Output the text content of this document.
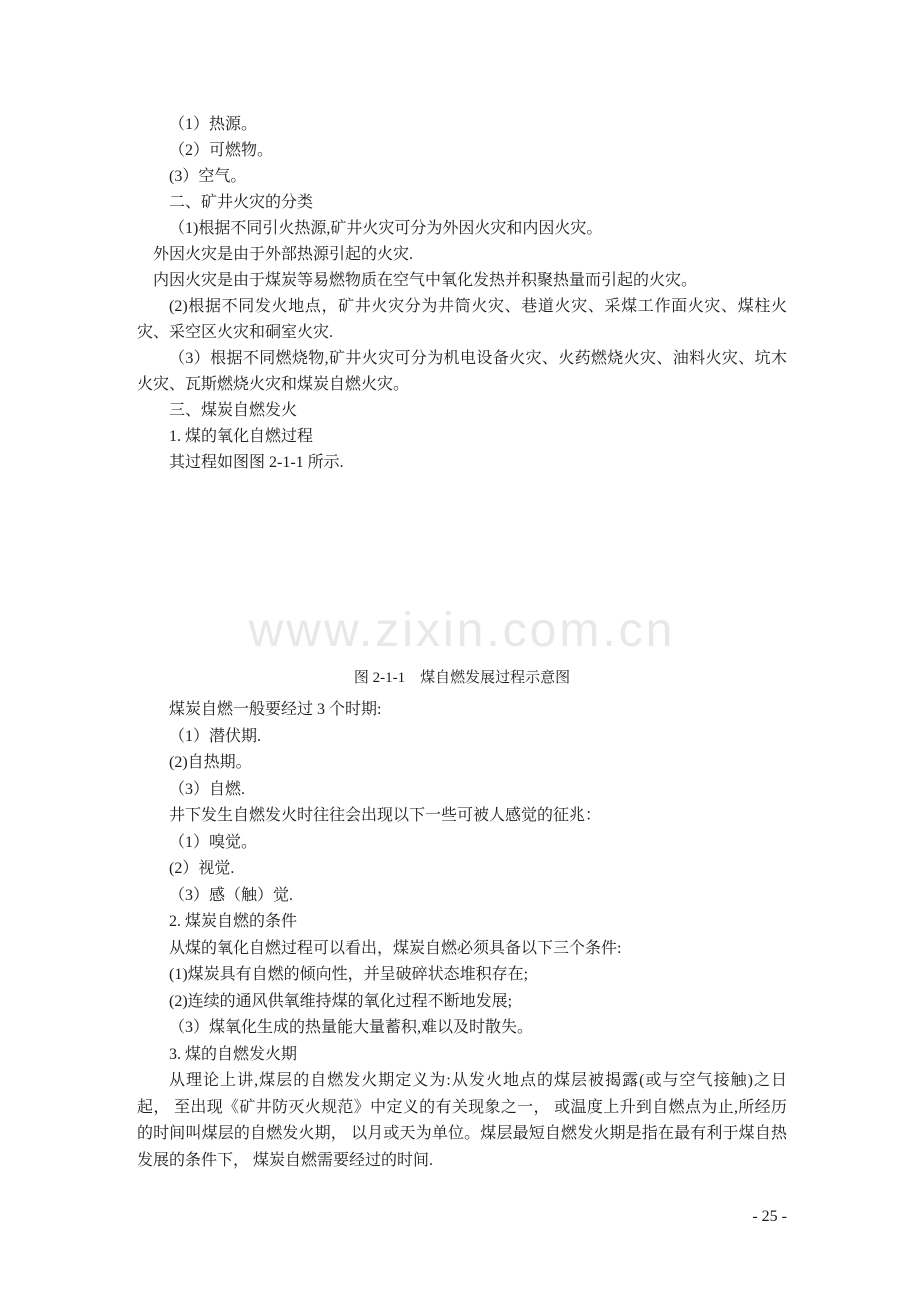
（1）热源。

（2）可燃物。

(3）空气。

二、矿井火灾的分类

（1)根据不同引火热源,矿井火灾可分为外因火灾和内因火灾。

外因火灾是由于外部热源引起的火灾.

内因火灾是由于煤炭等易燃物质在空气中氧化发热并积聚热量而引起的火灾。

(2)根据不同发火地点，矿井火灾分为井筒火灾、巷道火灾、采煤工作面火灾、煤柱火

灾、采空区火灾和硐室火灾.

（3）根据不同燃烧物,矿井火灾可分为机电设备火灾、火药燃烧火灾、油料火灾、坑木

火灾、瓦斯燃烧火灾和煤炭自燃火灾。

三、煤炭自燃发火

1. 煤的氧化自燃过程

其过程如图图 2-1-1 所示.

www.zixin.com.cn
图 2-1-1　煤自燃发展过程示意图

煤炭自燃一般要经过 3 个时期:

（1）潜伏期.

(2)自热期。

（3）自燃.

井下发生自燃发火时往往会出现以下一些可被人感觉的征兆：

（1）嗅觉。

(2）视觉.

（3）感（触）觉.

2. 煤炭自燃的条件

从煤的氧化自燃过程可以看出，煤炭自燃必须具备以下三个条件:

(1)煤炭具有自燃的倾向性，并呈破碎状态堆积存在;

(2)连续的通风供氧维持煤的氧化过程不断地发展;

（3）煤氧化生成的热量能大量蓄积,难以及时散失。

3. 煤的自燃发火期

从理论上讲,煤层的自燃发火期定义为:从发火地点的煤层被揭露(或与空气接触)之日

起， 至出现《矿井防灭火规范》中定义的有关现象之一， 或温度上升到自燃点为止,所经历

的时间叫煤层的自燃发火期， 以月或天为单位。煤层最短自燃发火期是指在最有利于煤自热

发展的条件下， 煤炭自燃需要经过的时间.

- 25 -
